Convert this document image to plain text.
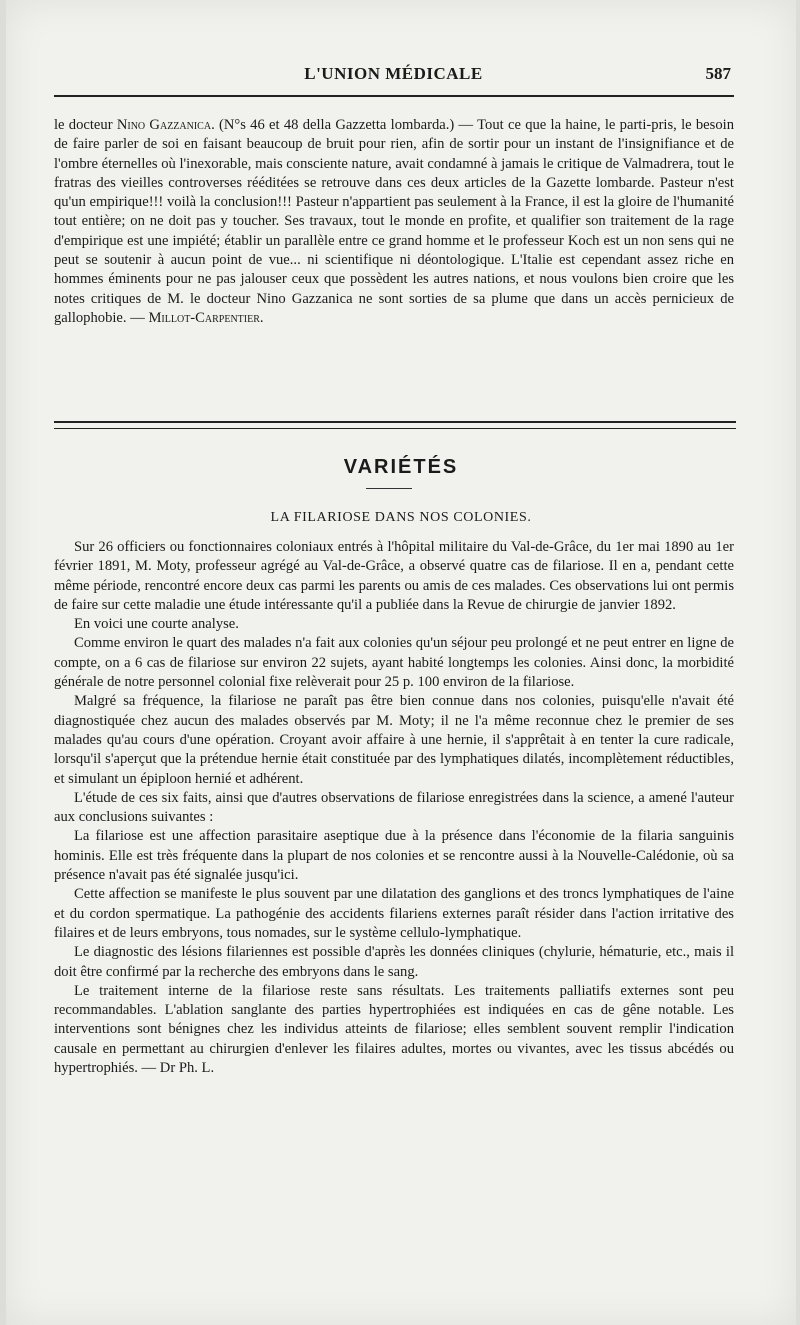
L'UNION MÉDICALE	587

le docteur Nino Gazzanica. (N°s 46 et 48 della Gazzetta lombarda.) — Tout ce que la haine, le parti-pris, le besoin de faire parler de soi en faisant beaucoup de bruit pour rien, afin de sortir pour un instant de l'insignifiance et de l'ombre éternelles où l'inexorable, mais consciente nature, avait condamné à jamais le critique de Valmadrera, tout le fratras des vieilles controverses rééditées se retrouve dans ces deux articles de la Gazette lombarde. Pasteur n'est qu'un empirique!!! voilà la conclusion!!! Pasteur n'appartient pas seulement à la France, il est la gloire de l'humanité tout entière; on ne doit pas y toucher. Ses travaux, tout le monde en profite, et qualifier son traitement de la rage d'empirique est une impiété; établir un parallèle entre ce grand homme et le professeur Koch est un non sens qui ne peut se soutenir à aucun point de vue... ni scientifique ni déontologique. L'Italie est cependant assez riche en hommes éminents pour ne pas jalouser ceux que possèdent les autres nations, et nous voulons bien croire que les notes critiques de M. le docteur Nino Gazzanica ne sont sorties de sa plume que dans un accès pernicieux de gallophobie. — Millot-Carpentier.

VARIÉTÉS
LA FILARIOSE DANS NOS COLONIES.

Sur 26 officiers ou fonctionnaires coloniaux entrés à l'hôpital militaire du Val-de-Grâce, du 1er mai 1890 au 1er février 1891, M. Moty, professeur agrégé au Val-de-Grâce, a observé quatre cas de filariose. Il en a, pendant cette même période, rencontré encore deux cas parmi les parents ou amis de ces malades. Ces observations lui ont permis de faire sur cette maladie une étude intéressante qu'il a publiée dans la Revue de chirurgie de janvier 1892.

En voici une courte analyse.

Comme environ le quart des malades n'a fait aux colonies qu'un séjour peu prolongé et ne peut entrer en ligne de compte, on a 6 cas de filariose sur environ 22 sujets, ayant habité longtemps les colonies. Ainsi donc, la morbidité générale de notre personnel colonial fixe relèverait pour 25 p. 100 environ de la filariose.

Malgré sa fréquence, la filariose ne paraît pas être bien connue dans nos colonies, puisqu'elle n'avait été diagnostiquée chez aucun des malades observés par M. Moty; il ne l'a même reconnue chez le premier de ses malades qu'au cours d'une opération. Croyant avoir affaire à une hernie, il s'apprêtait à en tenter la cure radicale, lorsqu'il s'aperçut que la prétendue hernie était constituée par des lymphatiques dilatés, incomplètement réductibles, et simulant un épiploon hernié et adhérent.

L'étude de ces six faits, ainsi que d'autres observations de filariose enregistrées dans la science, a amené l'auteur aux conclusions suivantes :

La filariose est une affection parasitaire aseptique due à la présence dans l'économie de la filaria sanguinis hominis. Elle est très fréquente dans la plupart de nos colonies et se rencontre aussi à la Nouvelle-Calédonie, où sa présence n'avait pas été signalée jusqu'ici.

Cette affection se manifeste le plus souvent par une dilatation des ganglions et des troncs lymphatiques de l'aine et du cordon spermatique. La pathogénie des accidents filariens externes paraît résider dans l'action irritative des filaires et de leurs embryons, tous nomades, sur le système cellulo-lymphatique.

Le diagnostic des lésions filariennes est possible d'après les données cliniques (chylurie, hématurie, etc., mais il doit être confirmé par la recherche des embryons dans le sang.

Le traitement interne de la filariose reste sans résultats. Les traitements palliatifs externes sont peu recommandables. L'ablation sanglante des parties hypertrophiées est indiquées en cas de gêne notable. Les interventions sont bénignes chez les individus atteints de filariose; elles semblent souvent remplir l'indication causale en permettant au chirurgien d'enlever les filaires adultes, mortes ou vivantes, avec les tissus abcédés ou hypertrophiés. — Dr Ph. L.
